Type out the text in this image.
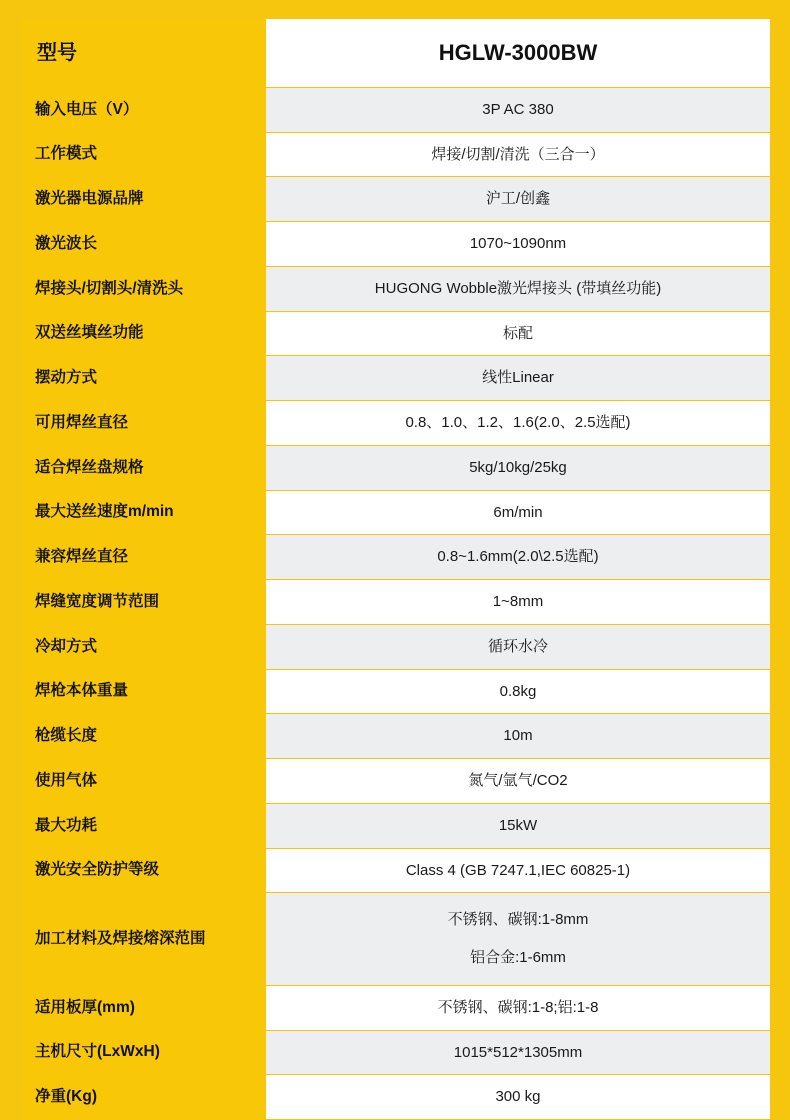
型号	HGLW-3000BW
输入电压（V）	3P AC 380

工作模式	焊接/切割/清洗（三合一）

激光器电源品牌	沪工/创鑫

激光波长	1070~1090nm

焊接头/切割头/清洗头	HUGONG Wobble激光焊接头 (带填丝功能)

双送丝填丝功能	标配

摆动方式	线性Linear

可用焊丝直径	0.8、1.0、1.2、1.6(2.0、2.5选配)

适合焊丝盘规格	5kg/10kg/25kg

最大送丝速度m/min	6m/min

兼容焊丝直径	0.8~1.6mm(2.0\2.5选配)

焊缝宽度调节范围	1~8mm

冷却方式	循环水冷

焊枪本体重量	0.8kg

枪缆长度	10m

使用气体	氮气/氩气/CO2

最大功耗	15kW

激光安全防护等级	Class 4 (GB 7247.1,IEC 60825-1)

加工材料及焊接熔深范围	不锈钢、碳钢:1-8mm
铝合金:1-6mm

适用板厚(mm)	不锈钢、碳钢:1-8;铝:1-8

主机尺寸(LxWxH)	1015*512*1305mm

净重(Kg)	300 kg
